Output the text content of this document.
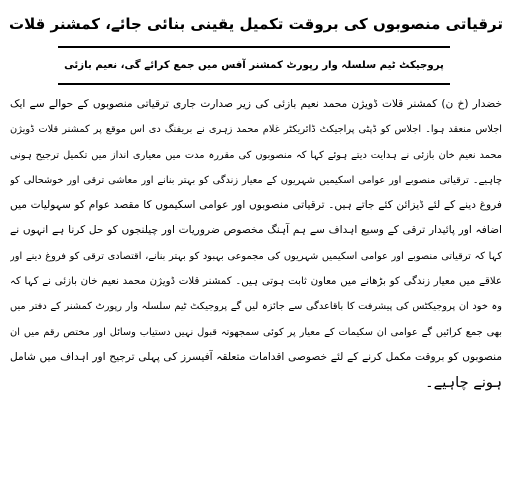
ترقیاتی منصوبوں کی بروقت تکمیل یقینی بنائی جائے، کمشنر قلات
پروجیکٹ ٹیم سلسلہ وار رپورٹ کمشنر آفس میں جمع کرائے گی، نعیم بازئی
خضدار (خ ن) کمشنر قلات ڈویژن محمد نعیم بازئی کی زیر صدارت جاری ترقیاتی منصوبوں کے حوالے سے ایک
اجلاس منعقد ہوا۔ اجلاس کو ڈپٹی پراجیکٹ ڈائریکٹر غلام محمد زہری نے بریفنگ دی اس موقع پر کمشنر قلات ڈویژن
محمد نعیم خان بازئی نے ہدایت دیتے ہوئے کہا کہ منصوبوں کی مقررہ مدت میں معیاری انداز میں تکمیل ترجیح ہونی
چاہیے۔ ترقیاتی منصوبے اور عوامی اسکیمیں شہریوں کے معیار زندگی کو بہتر بنانے اور معاشی ترقی اور خوشحالی کو
فروغ دینے کے لئے ڈیزائن کئے جاتے ہیں۔ ترقیاتی منصوبوں اور عوامی اسکیموں کا مقصد عوام کو سہولیات میں
اضافہ اور پائیدار ترقی کے وسیع اہداف سے ہم آہنگ مخصوص ضروریات اور چیلنجوں کو حل کرنا ہے انہوں نے
کہا کہ ترقیاتی منصوبے اور عوامی اسکیمیں شہریوں کی مجموعی بہبود کو بہتر بنانے، اقتصادی ترقی کو فروغ دینے اور
علاقے میں معیار زندگی کو بڑھانے میں معاون ثابت ہوتی ہیں۔ کمشنر قلات ڈویژن محمد نعیم خان بازئی نے کہا کہ
وہ خود ان پروجیکٹس کی پیشرفت کا باقاعدگی سے جائزہ لیں گے پروجیکٹ ٹیم سلسلہ وار رپورٹ کمشنر کے دفتر میں
بھی جمع کرائیں گے عوامی ان سکیمات کے معیار پر کوئی سمجھوتہ قبول نہیں دستیاب وسائل اور مختص رقم میں ان
منصوبوں کو بروقت مکمل کرنے کے لئے خصوصی اقدامات متعلقہ آفیسرز کی پہلی ترجیح اور اہداف میں شامل
ہونے چاہیے۔
